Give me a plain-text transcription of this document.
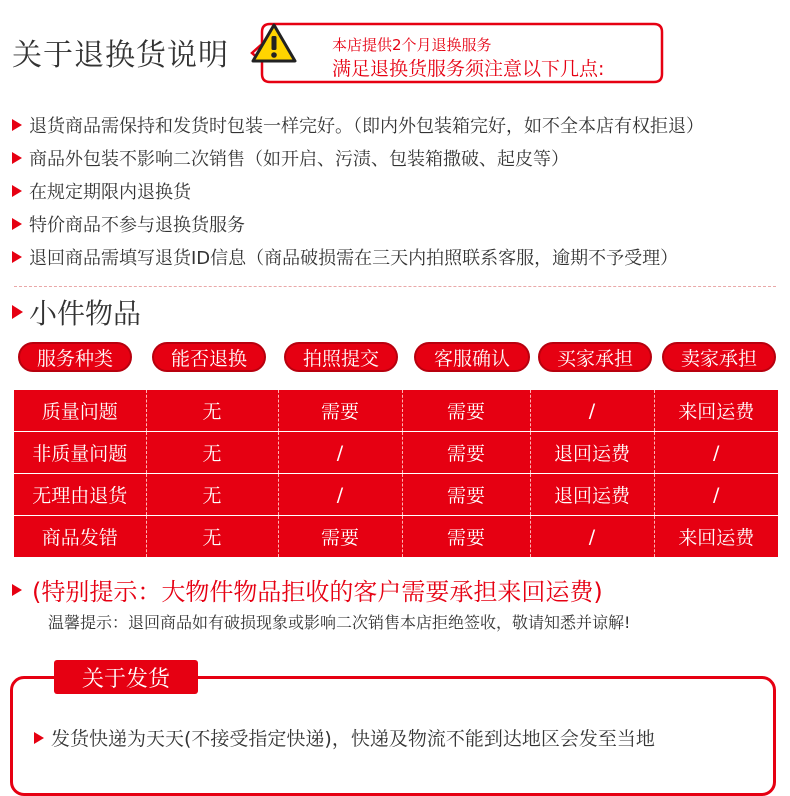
关于退换货说明	本店提供2个月退换服务
满足退换货服务须注意以下几点:
退货商品需保持和发货时包装一样完好。（即内外包装箱完好，如不全本店有权拒退）
商品外包装不影响二次销售（如开启、污渍、包装箱撒破、起皮等）
在规定期限内退换货
特价商品不参与退换货服务
退回商品需填写退货ID信息（商品破损需在三天内拍照联系客服，逾期不予受理）
小件物品
服务种类	能否退换	拍照提交	客服确认	买家承担	卖家承担
质量问题	无	需要	需要	/	来回运费
非质量问题	无	/	需要	退回运费	/
无理由退货	无	/	需要	退回运费	/
商品发错	无	需要	需要	/	来回运费
(特别提示：大物件物品拒收的客户需要承担来回运费)
温馨提示：退回商品如有破损现象或影响二次销售本店拒绝签收，敬请知悉并谅解!
关于发货
发货快递为天天(不接受指定快递)，快递及物流不能到达地区会发至当地
